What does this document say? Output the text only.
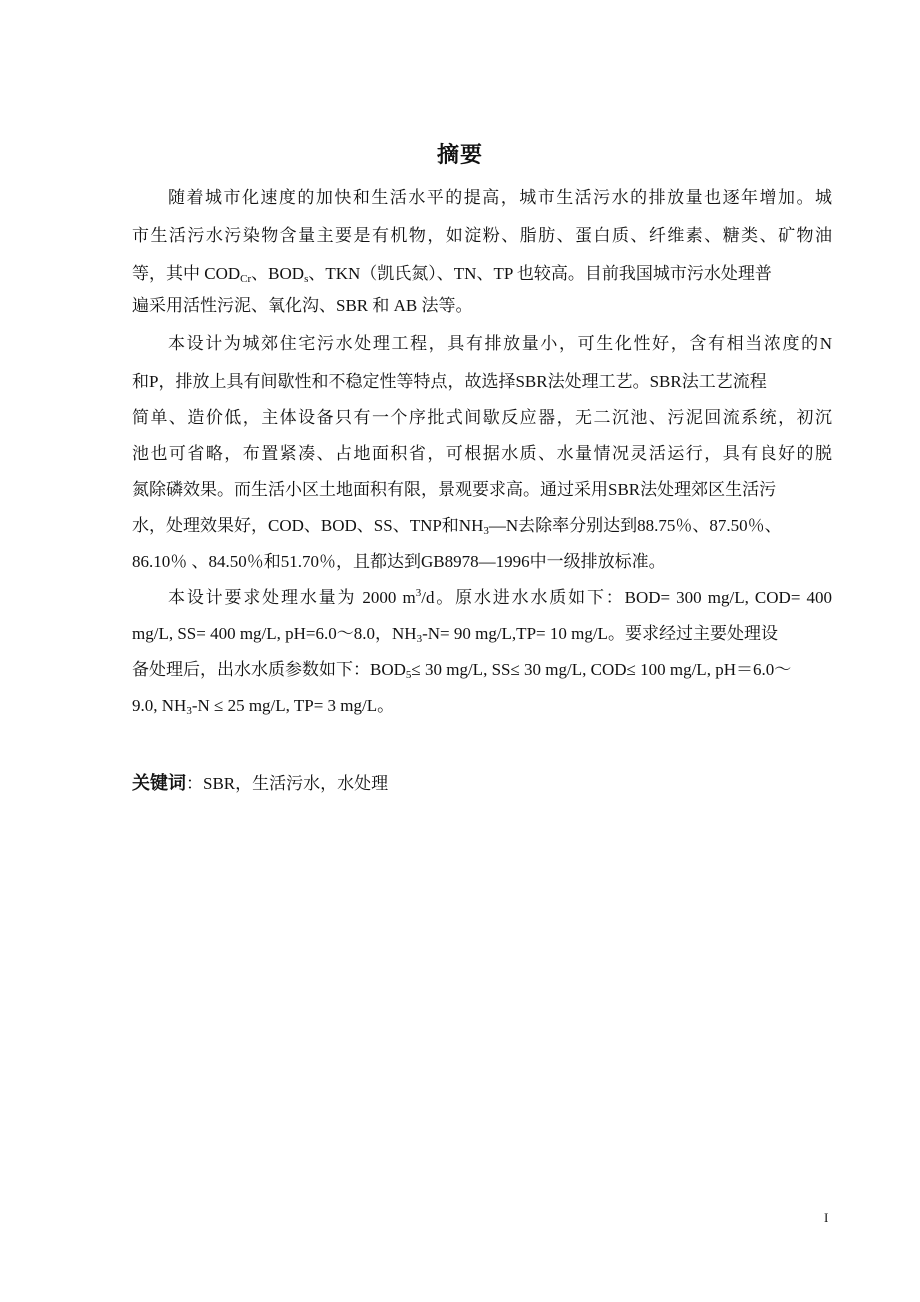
摘要
随着城市化速度的加快和生活水平的提高，城市生活污水的排放量也逐年增加。城
市生活污水污染物含量主要是有机物，如淀粉、脂肪、蛋白质、纤维素、糖类、矿物油
等，其中 $COD_{Cr}$、$BOD_s$、TKN（凯氏氮）、TN、TP 也较高。目前我国城市污水处理普
遍采用活性污泥、氧化沟、SBR 和 AB 法等。
本设计为城郊住宅污水处理工程，具有排放量小，可生化性好，含有相当浓度的N
和P，排放上具有间歇性和不稳定性等特点，故选择SBR法处理工艺。SBR法工艺流程
简单、造价低，主体设备只有一个序批式间歇反应器，无二沉池、污泥回流系统，初沉
池也可省略，布置紧凑、占地面积省，可根据水质、水量情况灵活运行，具有良好的脱
氮除磷效果。而生活小区土地面积有限，景观要求高。通过采用SBR法处理郊区生活污
水，处理效果好，COD、BOD、SS、TNP和$NH_3—N$去除率分别达到88.75％、87.50％、
86.10％ 、84.50％和51.70％，且都达到GB8978—1996中一级排放标准。
本设计要求处理水量为 2000 $m^3/d$。原水进水水质如下：BOD= 300 mg/L, COD= 400
mg/L, SS= 400 mg/L, pH=6.0～8.0，$NH_3-N= 90$ mg/L,TP= 10 mg/L。要求经过主要处理设
备处理后，出水水质参数如下：$BOD_5\le 30$ mg/L, SS≤ 30 mg/L, COD≤ 100 mg/L, pH＝6.0～
9.0, $NH_3-N \le 25$ mg/L, TP= 3 mg/L。
关键词：SBR，生活污水，水处理
I
